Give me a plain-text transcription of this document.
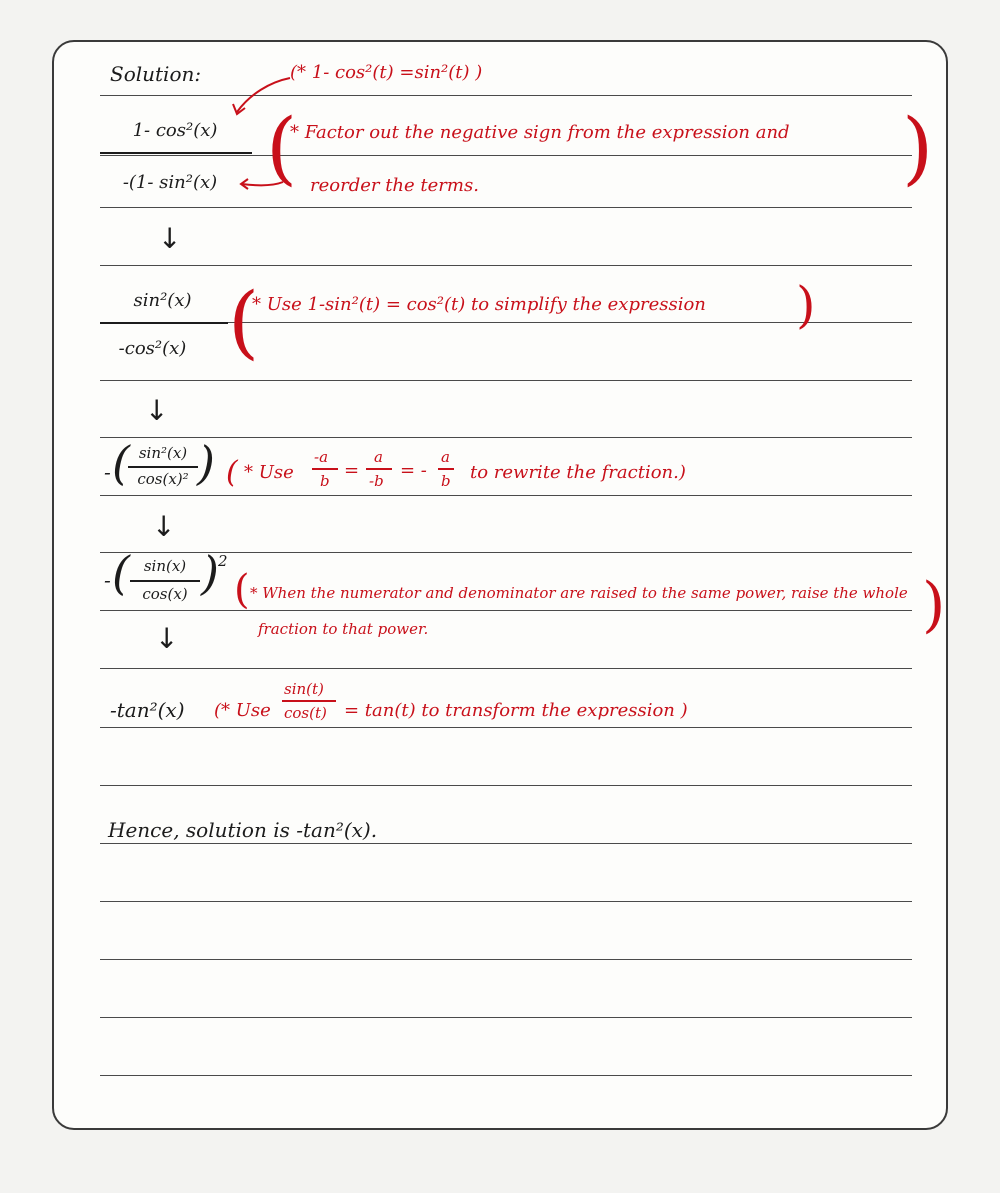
Solution:	(* 1- cos²(t) =sin²(t) )
1- cos²(x)
-(1- sin²(x) (
* Factor out the negative sign from the expression and
reorder the terms.	)
↓
sin²(x)
-cos²(x) (
* Use 1-sin²(t) = cos²(t) to simplify the expression )
↓
- ( sin²(x)
cos(x)² ) ( * Use
-a
b =
a
-b = -
a
b to rewrite the fraction.)
↓
- ( sin(x)
cos(x) ) 2
( * When the numerator and denominator are raised to the same power, raise the whole
fraction to that power.	)
↓
-tan²(x) (* Use
sin(t)
cos(t) = tan(t) to transform the expression )
Hence, solution is -tan²(x).
